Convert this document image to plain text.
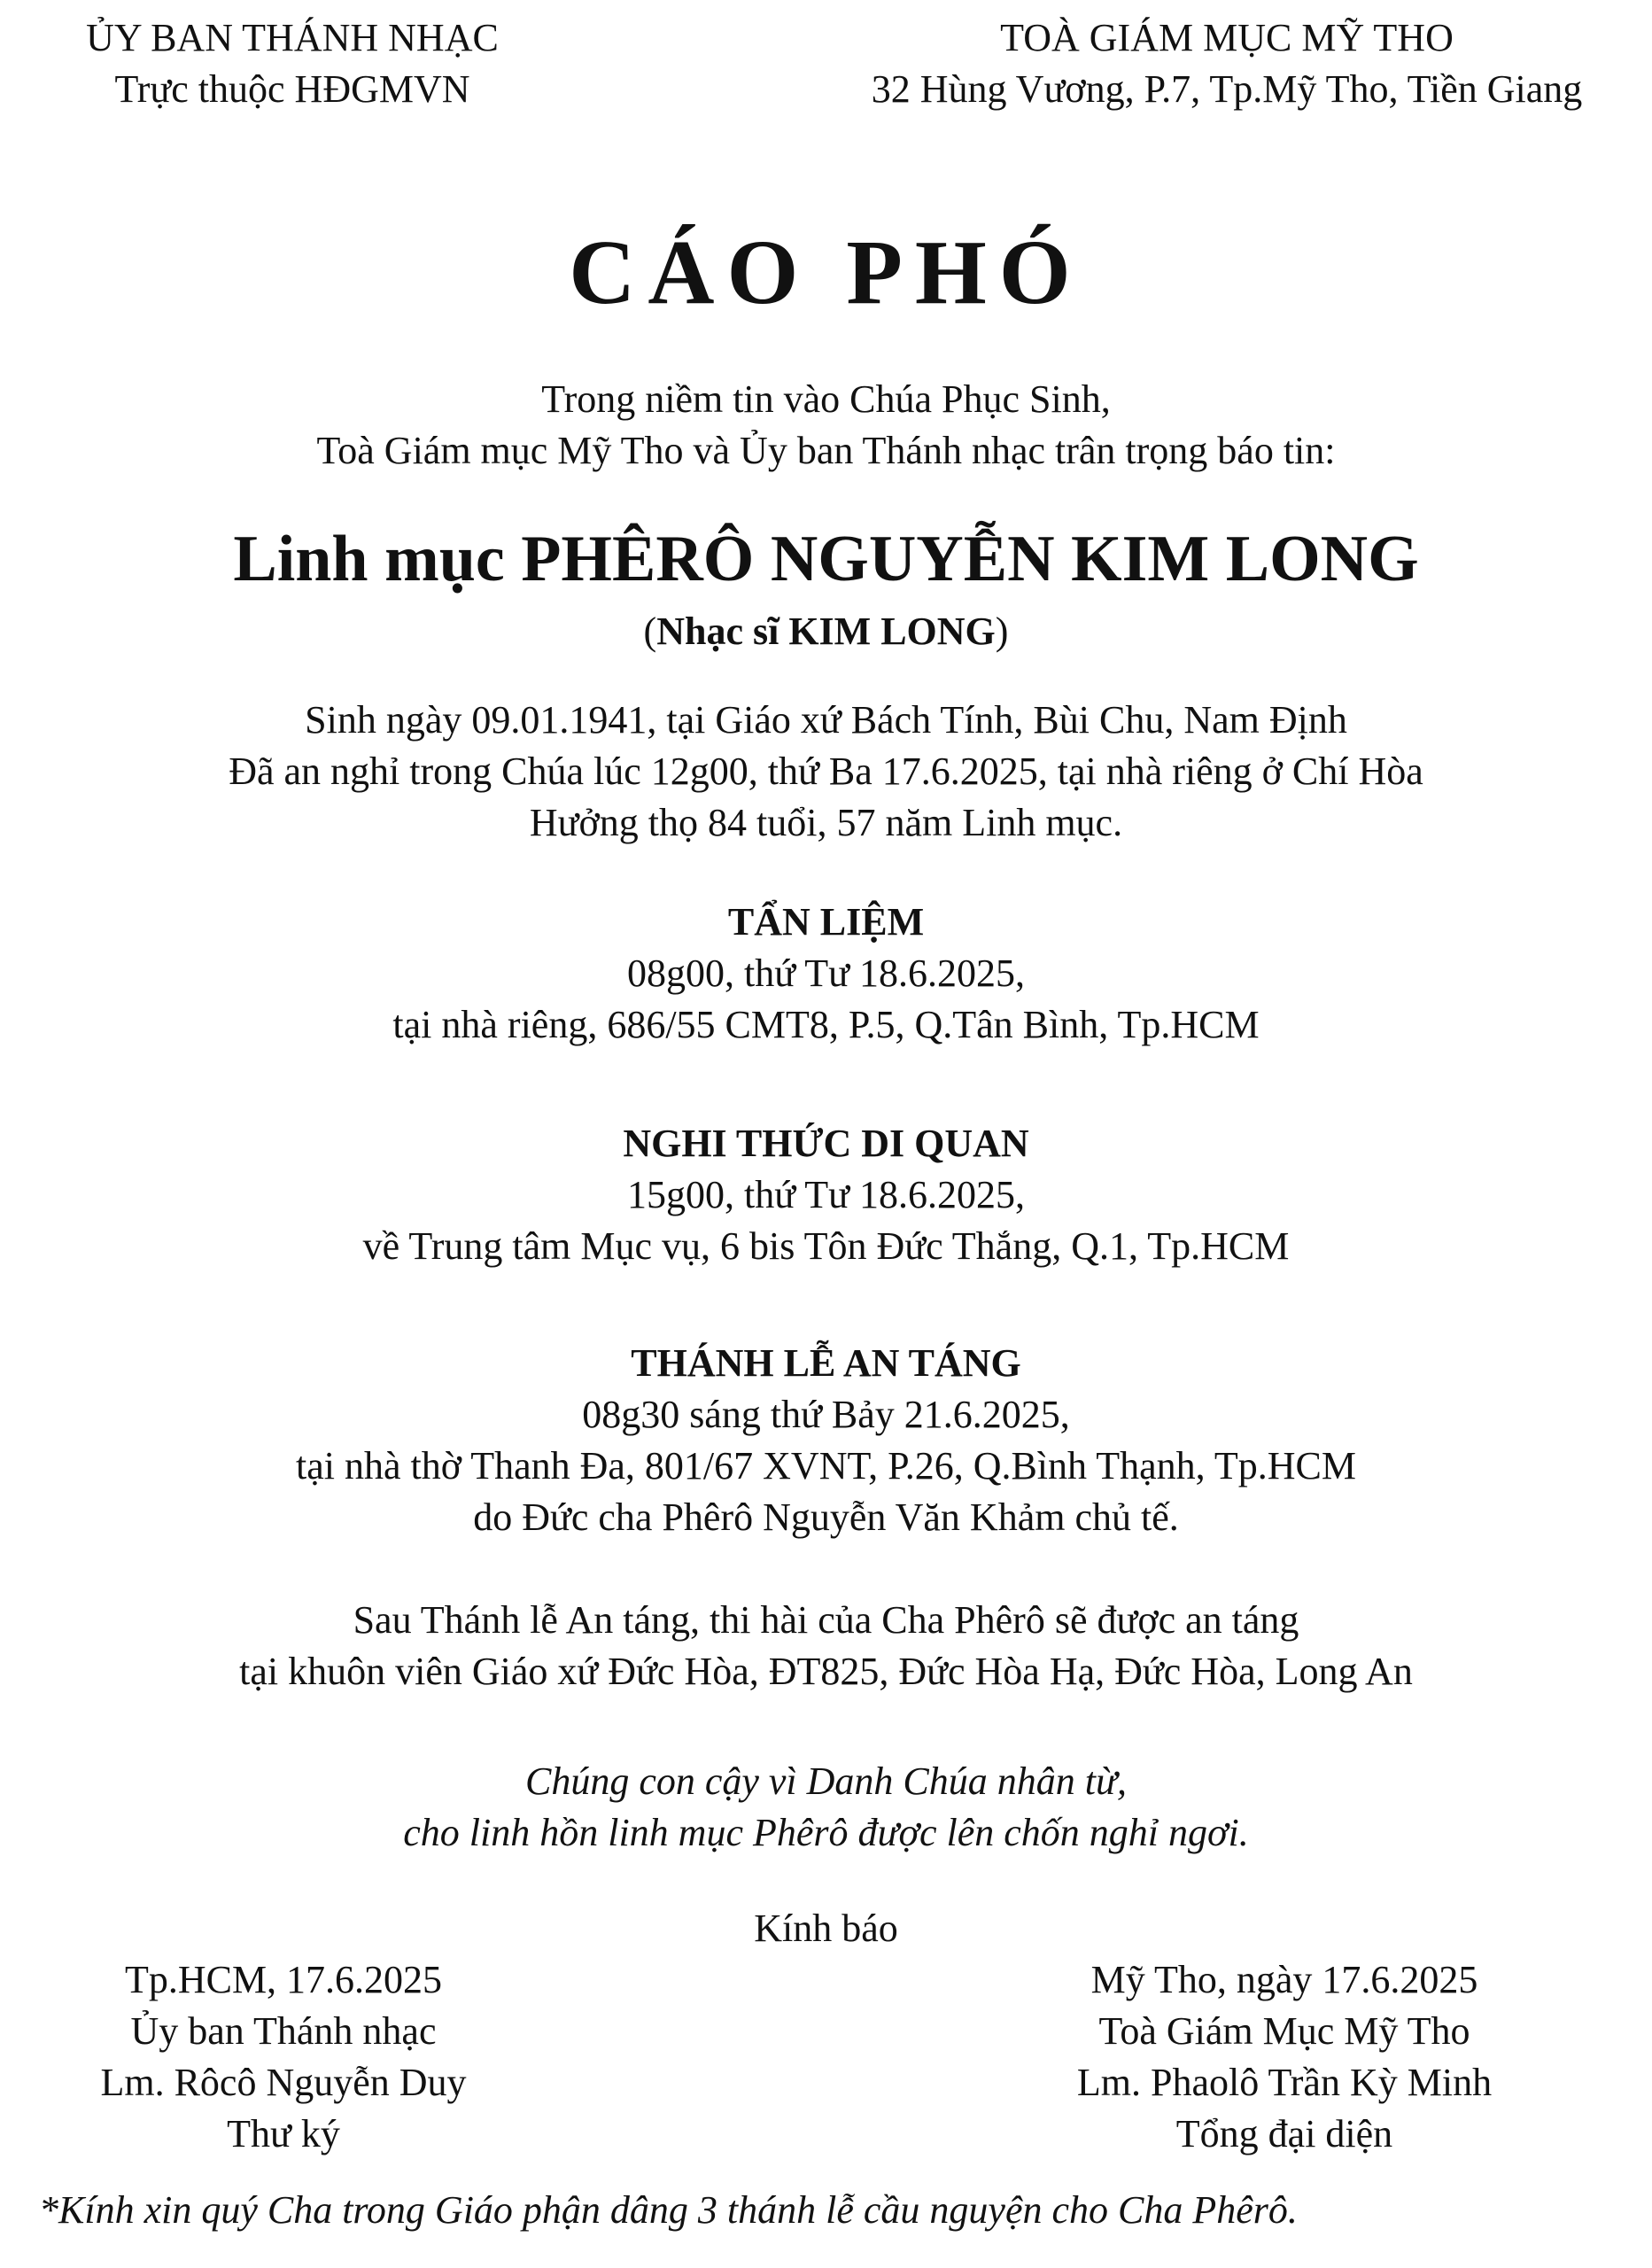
ỦY BAN THÁNH NHẠC
Trực thuộc HĐGMVN
TOÀ GIÁM MỤC MỸ THO
32 Hùng Vương, P.7, Tp.Mỹ Tho, Tiền Giang
CÁO PHÓ
Trong niềm tin vào Chúa Phục Sinh,
Toà Giám mục Mỹ Tho và Ủy ban Thánh nhạc trân trọng báo tin:
Linh mục PHÊRÔ NGUYỄN KIM LONG
(Nhạc sĩ KIM LONG)
Sinh ngày 09.01.1941, tại Giáo xứ Bách Tính, Bùi Chu, Nam Định
Đã an nghỉ trong Chúa lúc 12g00, thứ Ba 17.6.2025, tại nhà riêng ở Chí Hòa
Hưởng thọ 84 tuổi, 57 năm Linh mục.
TẨN LIỆM
08g00, thứ Tư 18.6.2025,
tại nhà riêng, 686/55 CMT8, P.5, Q.Tân Bình, Tp.HCM
NGHI THỨC DI QUAN
15g00, thứ Tư 18.6.2025,
về Trung tâm Mục vụ, 6 bis Tôn Đức Thắng, Q.1, Tp.HCM
THÁNH LỄ AN TÁNG
08g30 sáng thứ Bảy 21.6.2025,
tại nhà thờ Thanh Đa, 801/67 XVNT, P.26, Q.Bình Thạnh, Tp.HCM
do Đức cha Phêrô Nguyễn Văn Khảm chủ tế.
Sau Thánh lễ An táng, thi hài của Cha Phêrô sẽ được an táng
tại khuôn viên Giáo xứ Đức Hòa, ĐT825, Đức Hòa Hạ, Đức Hòa, Long An
Chúng con cậy vì Danh Chúa nhân từ,
cho linh hồn linh mục Phêrô được lên chốn nghỉ ngơi.
Kính báo
Tp.HCM, 17.6.2025
Ủy ban Thánh nhạc
Lm. Rôcô Nguyễn Duy
Thư ký
Mỹ Tho, ngày 17.6.2025
Toà Giám Mục Mỹ Tho
Lm. Phaolô Trần Kỳ Minh
Tổng đại diện
*Kính xin quý Cha trong Giáo phận dâng 3 thánh lễ cầu nguyện cho Cha Phêrô.
